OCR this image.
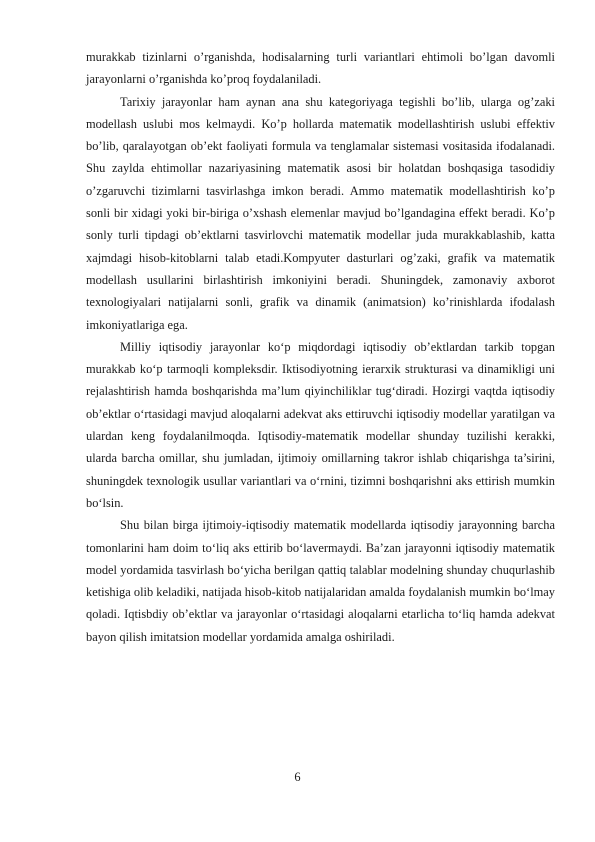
murakkab tizinlarni o’rganishda, hodisalarning turli variantlari ehtimoli bo’lgan davomli jarayonlarni o’rganishda ko’proq foydalaniladi.

Tarixiy jarayonlar ham aynan ana shu kategoriyaga tegishli bo’lib, ularga og’zaki modellash uslubi mos kelmaydi. Ko’p hollarda matematik modellashtirish uslubi effektiv bo’lib, qaralayotgan ob’ekt faoliyati formula va tenglamalar sistemasi vositasida ifodalanadi. Shu zaylda ehtimollar nazariyasining matematik asosi bir holatdan boshqasiga tasodidiy o’zgaruvchi tizimlarni tasvirlashga imkon beradi. Ammo matematik modellashtirish ko’p sonli bir xidagi yoki bir-biriga o’xshash elemenlar mavjud bo’lgandagina effekt beradi. Ko’p sonly turli tipdagi ob’ektlarni tasvirlovchi matematik modellar juda murakkablashib, katta xajmdagi hisob-kitoblarni talab etadi.Kompyuter dasturlari og’zaki, grafik va matematik modellash usullarini birlashtirish imkoniyini beradi. Shuningdek, zamonaviy axborot texnologiyalari natijalarni sonli, grafik va dinamik (animatsion) ko’rinishlarda ifodalash imkoniyatlariga ega.

Milliy iqtisodiy jarayonlar ko‘p miqdordagi iqtisodiy ob’ektlardan tarkib topgan murakkab ko‘p tarmoqli kompleksdir. Iktisodiyotning ierarxik strukturasi va dinamikligi uni rejalashtirish hamda boshqarishda ma’lum qiyinchiliklar tug‘diradi. Hozirgi vaqtda iqtisodiy ob’ektlar o‘rtasidagi mavjud aloqalarni adekvat aks ettiruvchi iqtisodiy modellar yaratilgan va ulardan keng foydalanilmoqda. Iqtisodiy-matematik modellar shunday tuzilishi kerakki, ularda barcha omillar, shu jumladan, ijtimoiy omillarning takror ishlab chiqarishga ta’sirini, shuningdek texnologik usullar variantlari va o‘rnini, tizimni boshqarishni aks ettirish mumkin bo‘lsin.

Shu bilan birga ijtimoiy-iqtisodiy matematik modellarda iqtisodiy jarayonning barcha tomonlarini ham doim to‘liq aks ettirib bo‘lavermaydi. Ba’zan jarayonni iqtisodiy matematik model yordamida tasvirlash bo‘yicha berilgan qattiq talablar modelning shunday chuqurlashib ketishiga olib keladiki, natijada hisob-kitob natijalaridan amalda foydalanish mumkin bo‘lmay qoladi. Iqtisbdiy ob’ektlar va jarayonlar o‘rtasidagi aloqalarni etarlicha to‘liq hamda adekvat bayon qilish imitatsion modellar yordamida amalga oshiriladi.

6
